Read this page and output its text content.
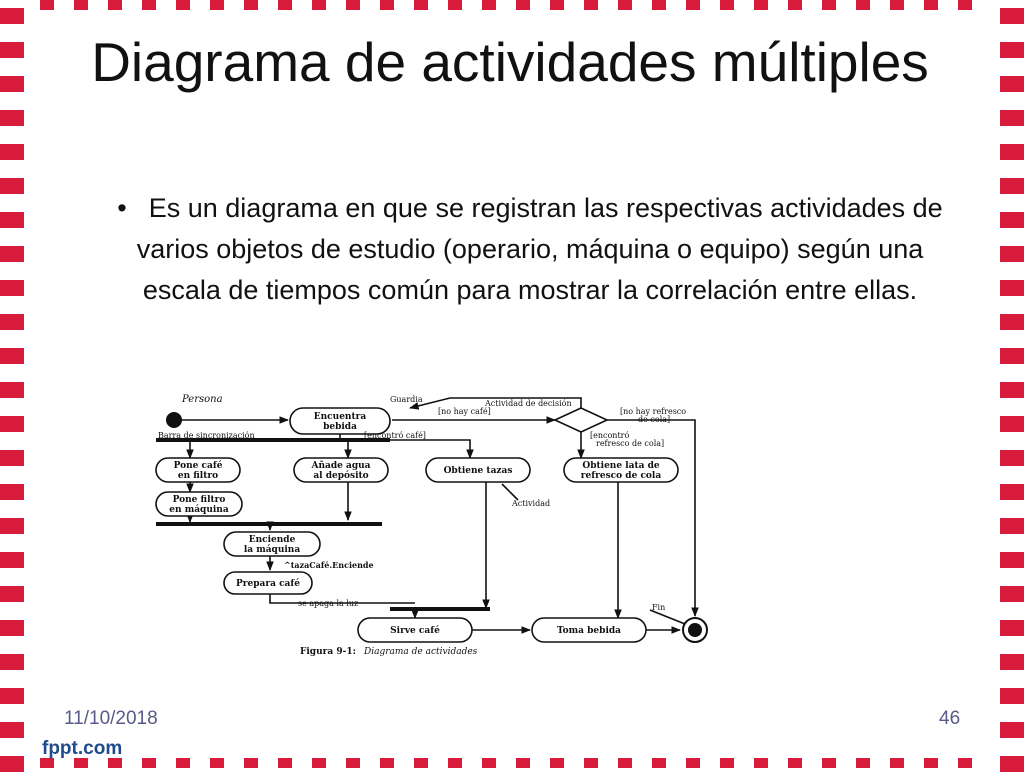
Diagrama de actividades múltiples
• Es un diagrama en que se registran las respectivas actividades de varios objetos de estudio (operario, máquina o equipo) según una escala de tiempos común para mostrar la correlación entre ellas.
Encuentra
bebida
Pone café
en filtro
Añade agua
al depósito	Obtiene tazas	Obtiene lata de
refresco de cola
Pone filtro
en máquina
Enciende
la máquina
Prepara café
Sirve café	Toma bebida
Persona	Guardia	Actividad de decisión
[no hay café]	[no hay refresco
de cola]
Barra de sincronización	[encontró café]	[encontró
refresco de cola]
Actividad
^tazaCafé.Enciende
se apaga la luz	Fin
Figura 9-1: Diagrama de actividades
11/10/2018	46
fppt.com
